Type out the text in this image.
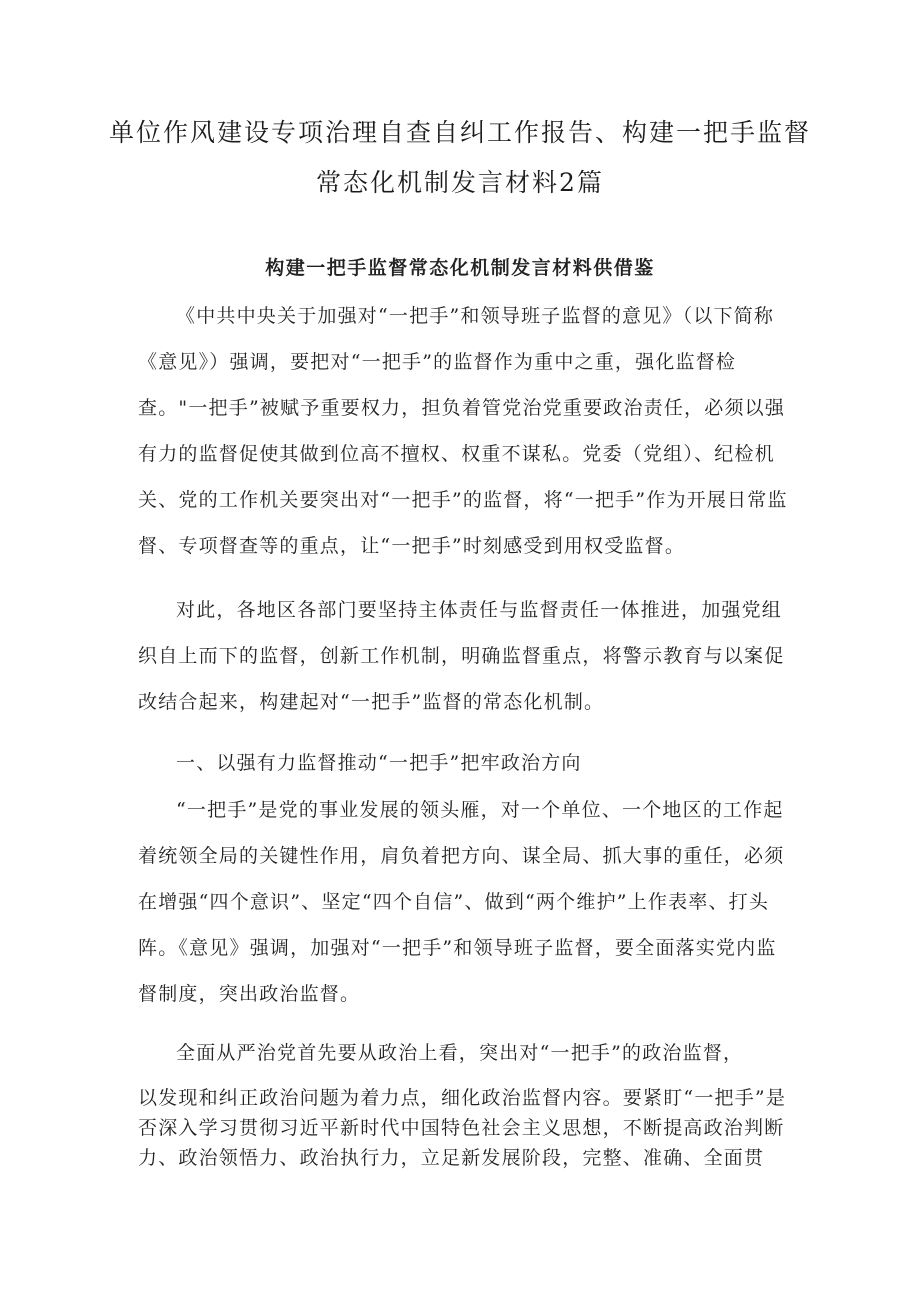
单位作风建设专项治理自查自纠工作报告、构建一把手监督常态化机制发言材料2篇
构建一把手监督常态化机制发言材料供借鉴

《中共中央关于加强对“一把手”和领导班子监督的意见》（以下简称《意见》）强调，要把对“一把手”的监督作为重中之重，强化监督检查。"一把手”被赋予重要权力，担负着管党治党重要政治责任，必须以强有力的监督促使其做到位高不擅权、权重不谋私。党委（党组）、纪检机关、党的工作机关要突出对“一把手”的监督，将“一把手”作为开展日常监督、专项督查等的重点，让“一把手”时刻感受到用权受监督。

对此，各地区各部门要坚持主体责任与监督责任一体推进，加强党组织自上而下的监督，创新工作机制，明确监督重点，将警示教育与以案促改结合起来，构建起对“一把手”监督的常态化机制。

一、以强有力监督推动“一把手”把牢政治方向

“一把手”是党的事业发展的领头雁，对一个单位、一个地区的工作起着统领全局的关键性作用，肩负着把方向、谋全局、抓大事的重任，必须在增强“四个意识”、坚定“四个自信”、做到“两个维护”上作表率、打头阵。《意见》强调，加强对“一把手”和领导班子监督，要全面落实党内监督制度，突出政治监督。

全面从严治党首先要从政治上看，突出对“一把手”的政治监督，

以发现和纠正政治问题为着力点，细化政治监督内容。要紧盯“一把手”是否深入学习贯彻习近平新时代中国特色社会主义思想，不断提高政治判断力、政治领悟力、政治执行力，立足新发展阶段，完整、准确、全面贯
